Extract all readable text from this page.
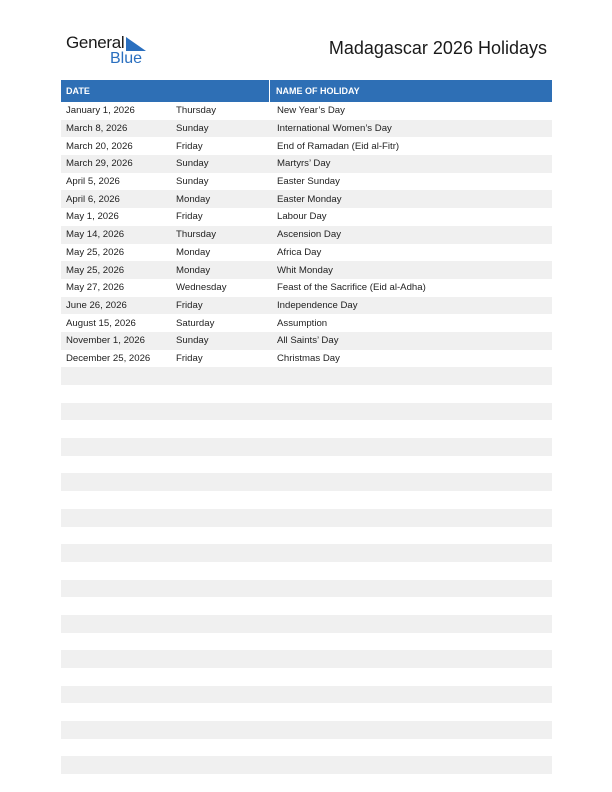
General
Blue
Madagascar 2026 Holidays
DATE	NAME OF HOLIDAY
January 1, 2026	Thursday	New Year’s Day
March 8, 2026	Sunday	International Women’s Day
March 20, 2026	Friday	End of Ramadan (Eid al-Fitr)
March 29, 2026	Sunday	Martyrs’ Day
April 5, 2026	Sunday	Easter Sunday
April 6, 2026	Monday	Easter Monday
May 1, 2026	Friday	Labour Day
May 14, 2026	Thursday	Ascension Day
May 25, 2026	Monday	Africa Day
May 25, 2026	Monday	Whit Monday
May 27, 2026	Wednesday	Feast of the Sacrifice (Eid al-Adha)
June 26, 2026	Friday	Independence Day
August 15, 2026	Saturday	Assumption
November 1, 2026	Sunday	All Saints’ Day
December 25, 2026	Friday	Christmas Day
